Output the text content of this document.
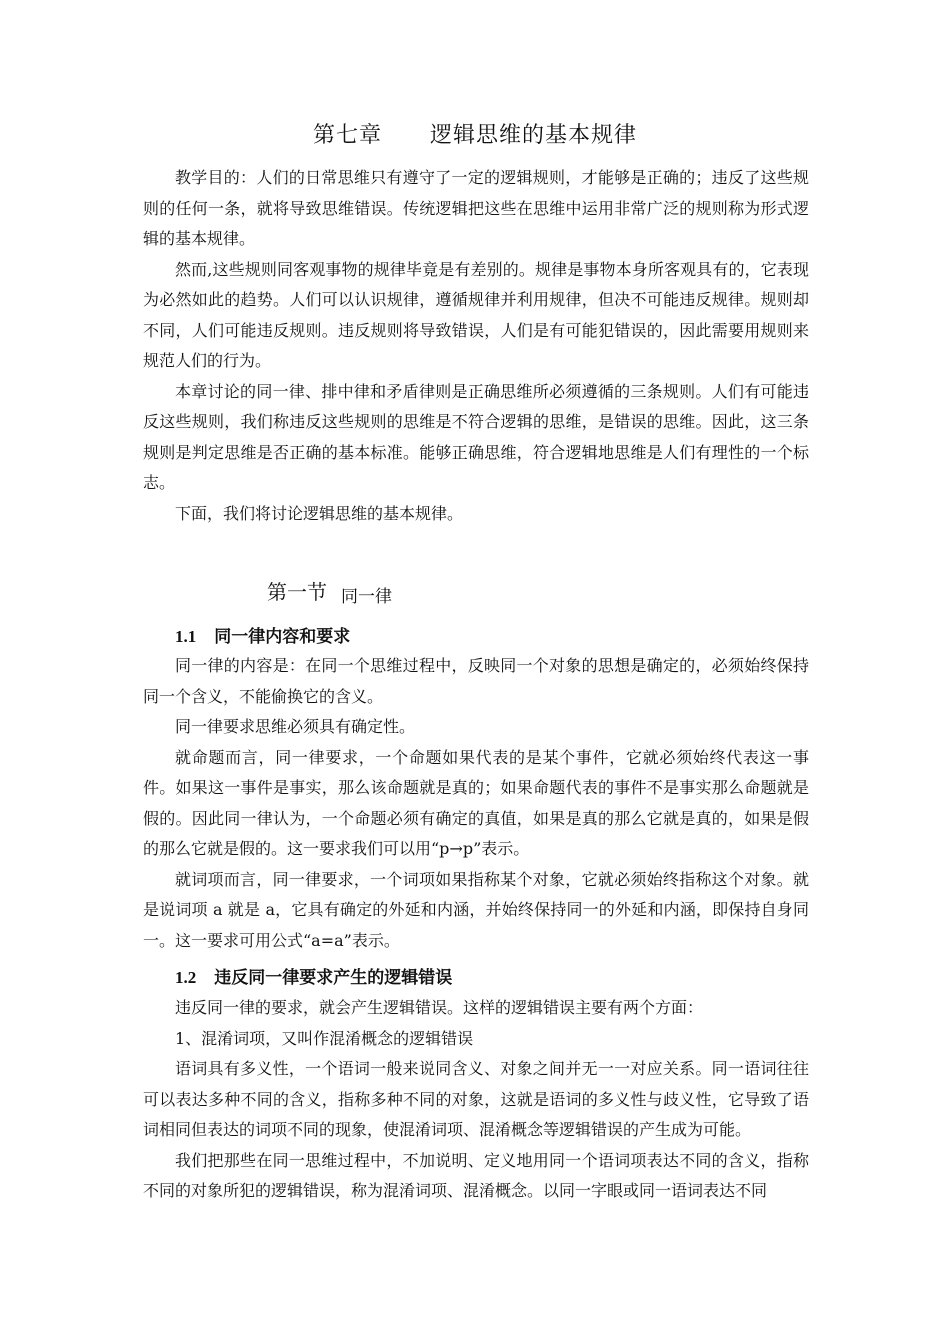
第七章 逻辑思维的基本规律

教学目的：人们的日常思维只有遵守了一定的逻辑规则，才能够是正确的；违反了这些规则的任何一条，就将导致思维错误。传统逻辑把这些在思维中运用非常广泛的规则称为形式逻辑的基本规律。

然而,这些规则同客观事物的规律毕竟是有差别的。规律是事物本身所客观具有的，它表现为必然如此的趋势。人们可以认识规律，遵循规律并利用规律，但决不可能违反规律。规则却不同，人们可能违反规则。违反规则将导致错误，人们是有可能犯错误的，因此需要用规则来规范人们的行为。

本章讨论的同一律、排中律和矛盾律则是正确思维所必须遵循的三条规则。人们有可能违反这些规则，我们称违反这些规则的思维是不符合逻辑的思维，是错误的思维。因此，这三条规则是判定思维是否正确的基本标准。能够正确思维，符合逻辑地思维是人们有理性的一个标志。

下面，我们将讨论逻辑思维的基本规律。

第一节 同一律
1.1 同一律内容和要求

同一律的内容是：在同一个思维过程中，反映同一个对象的思想是确定的，必须始终保持同一个含义，不能偷换它的含义。

同一律要求思维必须具有确定性。

就命题而言，同一律要求，一个命题如果代表的是某个事件，它就必须始终代表这一事件。如果这一事件是事实，那么该命题就是真的；如果命题代表的事件不是事实那么命题就是假的。因此同一律认为，一个命题必须有确定的真值，如果是真的那么它就是真的，如果是假的那么它就是假的。这一要求我们可以用“p→p”表示。

就词项而言，同一律要求，一个词项如果指称某个对象，它就必须始终指称这个对象。就是说词项 a 就是 a，它具有确定的外延和内涵，并始终保持同一的外延和内涵，即保持自身同一。这一要求可用公式“a=a”表示。

1.2 违反同一律要求产生的逻辑错误

违反同一律的要求，就会产生逻辑错误。这样的逻辑错误主要有两个方面：

1、混淆词项，又叫作混淆概念的逻辑错误

语词具有多义性，一个语词一般来说同含义、对象之间并无一一对应关系。同一语词往往可以表达多种不同的含义，指称多种不同的对象，这就是语词的多义性与歧义性，它导致了语词相同但表达的词项不同的现象，使混淆词项、混淆概念等逻辑错误的产生成为可能。

我们把那些在同一思维过程中，不加说明、定义地用同一个语词项表达不同的含义，指称不同的对象所犯的逻辑错误，称为混淆词项、混淆概念。以同一字眼或同一语词表达不同
